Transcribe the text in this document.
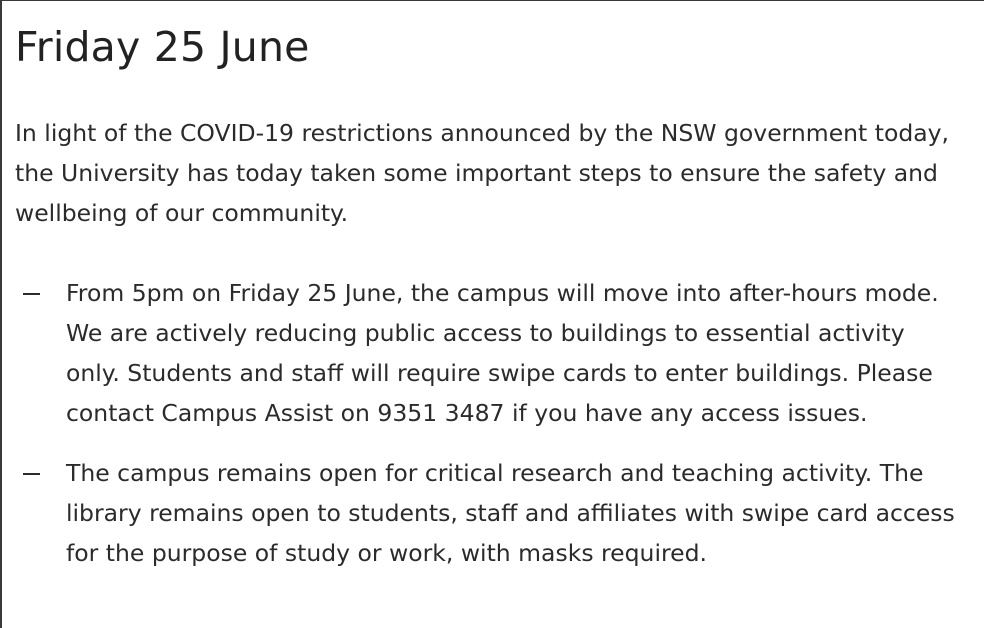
Friday 25 June

In light of the COVID-19 restrictions announced by the NSW government today, the University has today taken some important steps to ensure the safety and wellbeing of our community.

From 5pm on Friday 25 June, the campus will move into after-hours mode. We are actively reducing public access to buildings to essential activity only. Students and staff will require swipe cards to enter buildings. Please contact Campus Assist on 9351 3487 if you have any access issues.
The campus remains open for critical research and teaching activity. The library remains open to students, staff and affiliates with swipe card access for the purpose of study or work, with masks required.
